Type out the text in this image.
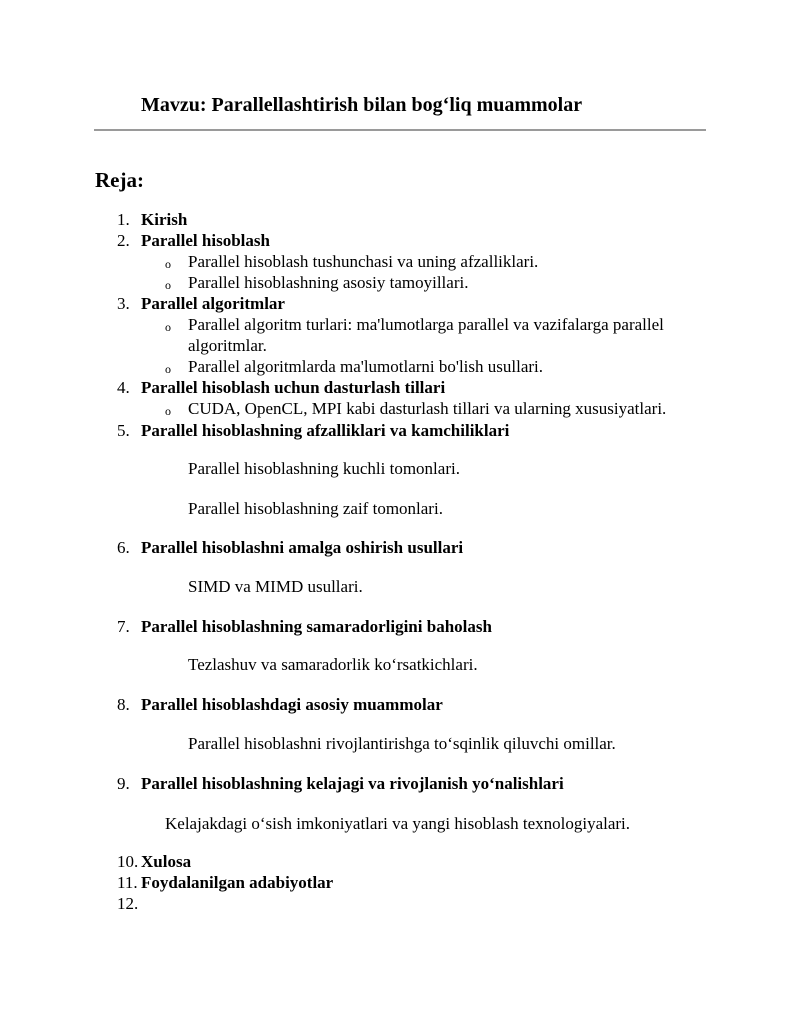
Mavzu: Parallellashtirish bilan bog‘liq muammolar
Reja:
1. Kirish
2. Parallel hisoblash
o Parallel hisoblash tushunchasi va uning afzalliklari.
o Parallel hisoblashning asosiy tamoyillari.
3. Parallel algoritmlar
o Parallel algoritm turlari: ma'lumotlarga parallel va vazifalarga parallel algoritmlar.
o Parallel algoritmlarda ma'lumotlarni bo'lish usullari.
4. Parallel hisoblash uchun dasturlash tillari
o CUDA, OpenCL, MPI kabi dasturlash tillari va ularning xususiyatlari.
5. Parallel hisoblashning afzalliklari va kamchiliklari
Parallel hisoblashning kuchli tomonlari.
Parallel hisoblashning zaif tomonlari.
6. Parallel hisoblashni amalga oshirish usullari
SIMD va MIMD usullari.
7. Parallel hisoblashning samaradorligini baholash
Tezlashuv va samaradorlik ko‘rsatkichlari.
8. Parallel hisoblashdagi asosiy muammolar
Parallel hisoblashni rivojlantirishga to‘sqinlik qiluvchi omillar.
9. Parallel hisoblashning kelajagi va rivojlanish yo‘nalishlari
Kelajakdagi o‘sish imkoniyatlari va yangi hisoblash texnologiyalari.
10. Xulosa
11. Foydalanilgan adabiyotlar
12.
